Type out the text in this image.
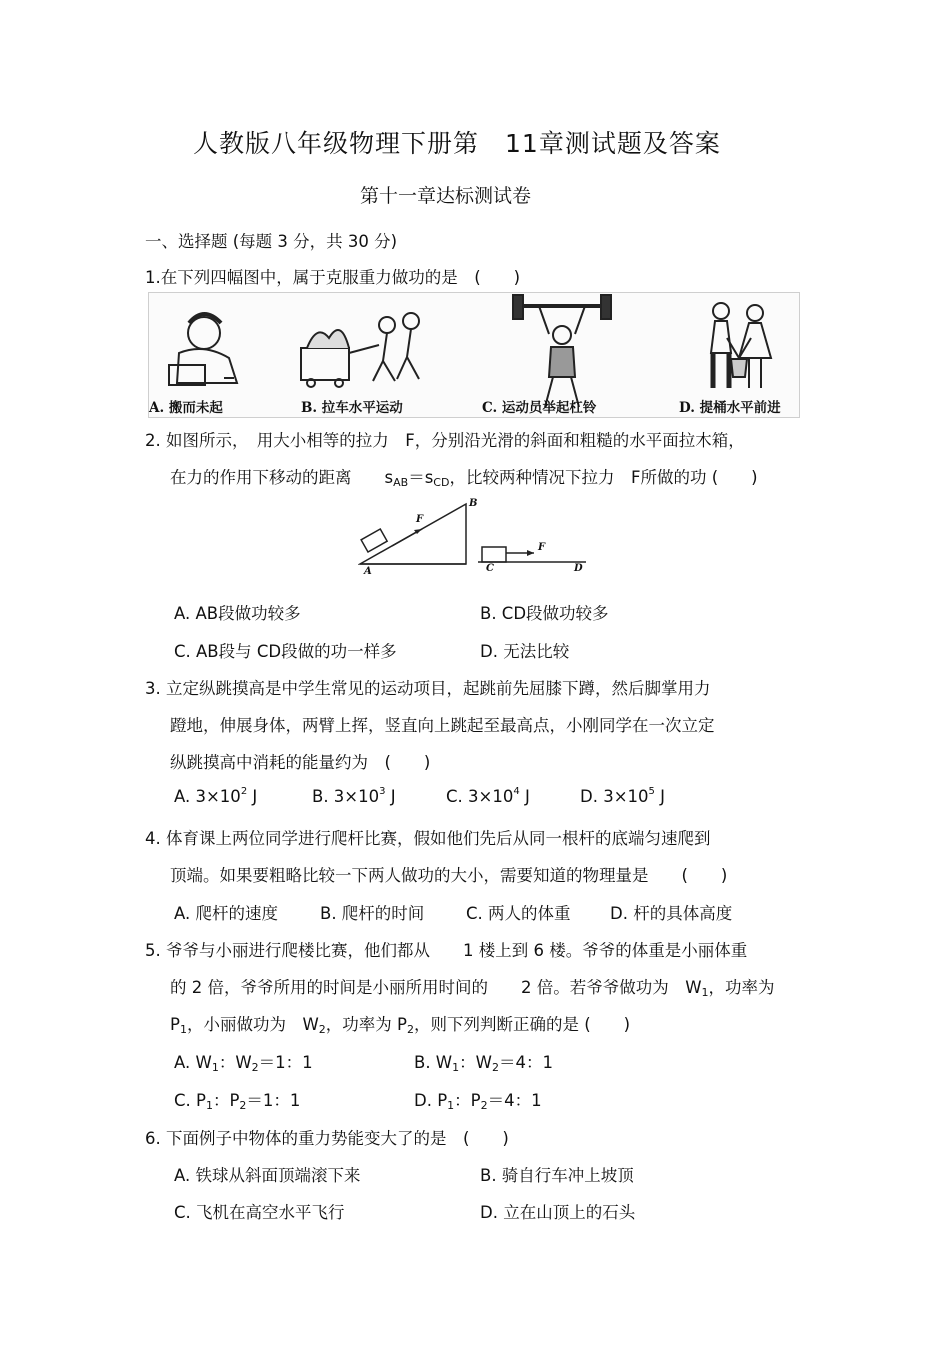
人教版八年级物理下册第　11章测试题及答案
第十一章达标测试卷
一、选择题 (每题 3 分，共 30 分)
1.在下列四幅图中，属于克服重力做功的是　(　　)
A. 搬而未起	B. 拉车水平运动	C. 运动员举起杠铃	D. 提桶水平前进
2. 如图所示，　用大小相等的拉力　F，分别沿光滑的斜面和粗糙的水平面拉木箱，
在力的作用下移动的距离　　$s_{AB}=s_{CD}$，比较两种情况下拉力　F所做的功 (　　)
A
B
C	D
F
F
A. AB段做功较多	B. CD段做功较多
C. AB段与 CD段做的功一样多	D. 无法比较
3. 立定纵跳摸高是中学生常见的运动项目，起跳前先屈膝下蹲，然后脚掌用力
蹬地，伸展身体，两臂上挥，竖直向上跳起至最高点，小刚同学在一次立定
纵跳摸高中消耗的能量约为　(　　)
A. $3\times 10^2$ J	B. $3\times 10^3$ J	C. $3\times 10^4$ J	D. $3\times 10^5$ J
4. 体育课上两位同学进行爬杆比赛，假如他们先后从同一根杆的底端匀速爬到
顶端。如果要粗略比较一下两人做功的大小，需要知道的物理量是　　(　　)
A. 爬杆的速度	B. 爬杆的时间	C. 两人的体重 D. 杆的具体高度
5. 爷爷与小丽进行爬楼比赛，他们都从　　1 楼上到 6 楼。爷爷的体重是小丽体重
的 2 倍，爷爷所用的时间是小丽所用时间的　　2 倍。若爷爷做功为　$W_1$，功率为
$P_1$，小丽做功为　$W_2$，功率为 $P_2$，则下列判断正确的是 (　　)
A. $W_1$：$W_2=1$：1	B. $W_1$：$W_2=4$：1
C. $P_1$：$P_2=1$：1	D. $P_1$：$P_2=4$：1
6. 下面例子中物体的重力势能变大了的是　(　　)
A. 铁球从斜面顶端滚下来	B. 骑自行车冲上坡顶
C. 飞机在高空水平飞行	D. 立在山顶上的石头
